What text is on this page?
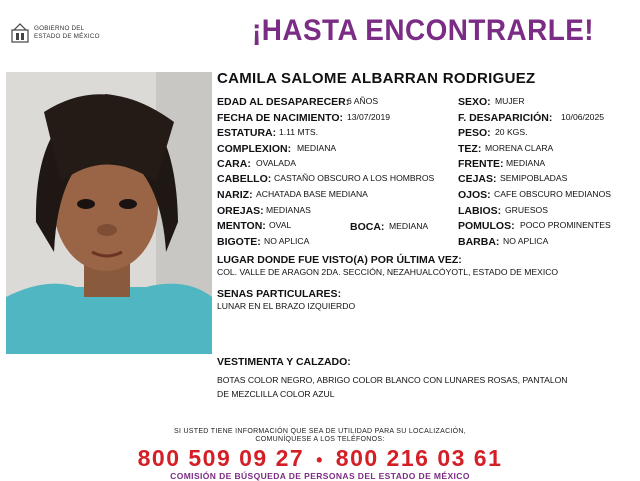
GOBIERNO DEL
ESTADO DE MÉXICO	¡HASTA ENCONTRARLE!
CAMILA SALOME ALBARRAN RODRIGUEZ
EDAD AL DESAPARECER:
6 AÑOS
FECHA DE NACIMIENTO: 13/07/2019
ESTATURA: 1.11 MTS.
COMPLEXION: MEDIANA
CARA: OVALADA
CABELLO: CASTAÑO OBSCURO A LOS HOMBROS
NARIZ: ACHATADA BASE MEDIANA
OREJAS: MEDIANAS
MENTON: OVAL	BOCA: MEDIANA
BIGOTE: NO APLICA
SEXO: MUJER
F. DESAPARICIÓN: 10/06/2025
PESO: 20 KGS.
TEZ: MORENA CLARA
FRENTE: MEDIANA
CEJAS: SEMIPOBLADAS
OJOS: CAFE OBSCURO MEDIANOS
LABIOS: GRUESOS
POMULOS: POCO PROMINENTES
BARBA: NO APLICA
LUGAR DONDE FUE VISTO(A) POR ÚLTIMA VEZ:
COL. VALLE DE ARAGON 2DA. SECCIÓN, NEZAHUALCÓYOTL, ESTADO DE MEXICO
SENAS PARTICULARES:
LUNAR EN EL BRAZO IZQUIERDO
VESTIMENTA Y CALZADO:
BOTAS COLOR NEGRO, ABRIGO COLOR BLANCO CON LUNARES ROSAS, PANTALON
DE MEZCLILLA COLOR AZUL
SI USTED TIENE INFORMACIÓN QUE SEA DE UTILIDAD PARA SU LOCALIZACIÓN,
COMUNÍQUESE A LOS TELÉFONOS:
800 509 09 27 • 800 216 03 61
COMISIÓN DE BÚSQUEDA DE PERSONAS DEL ESTADO DE MÉXICO
